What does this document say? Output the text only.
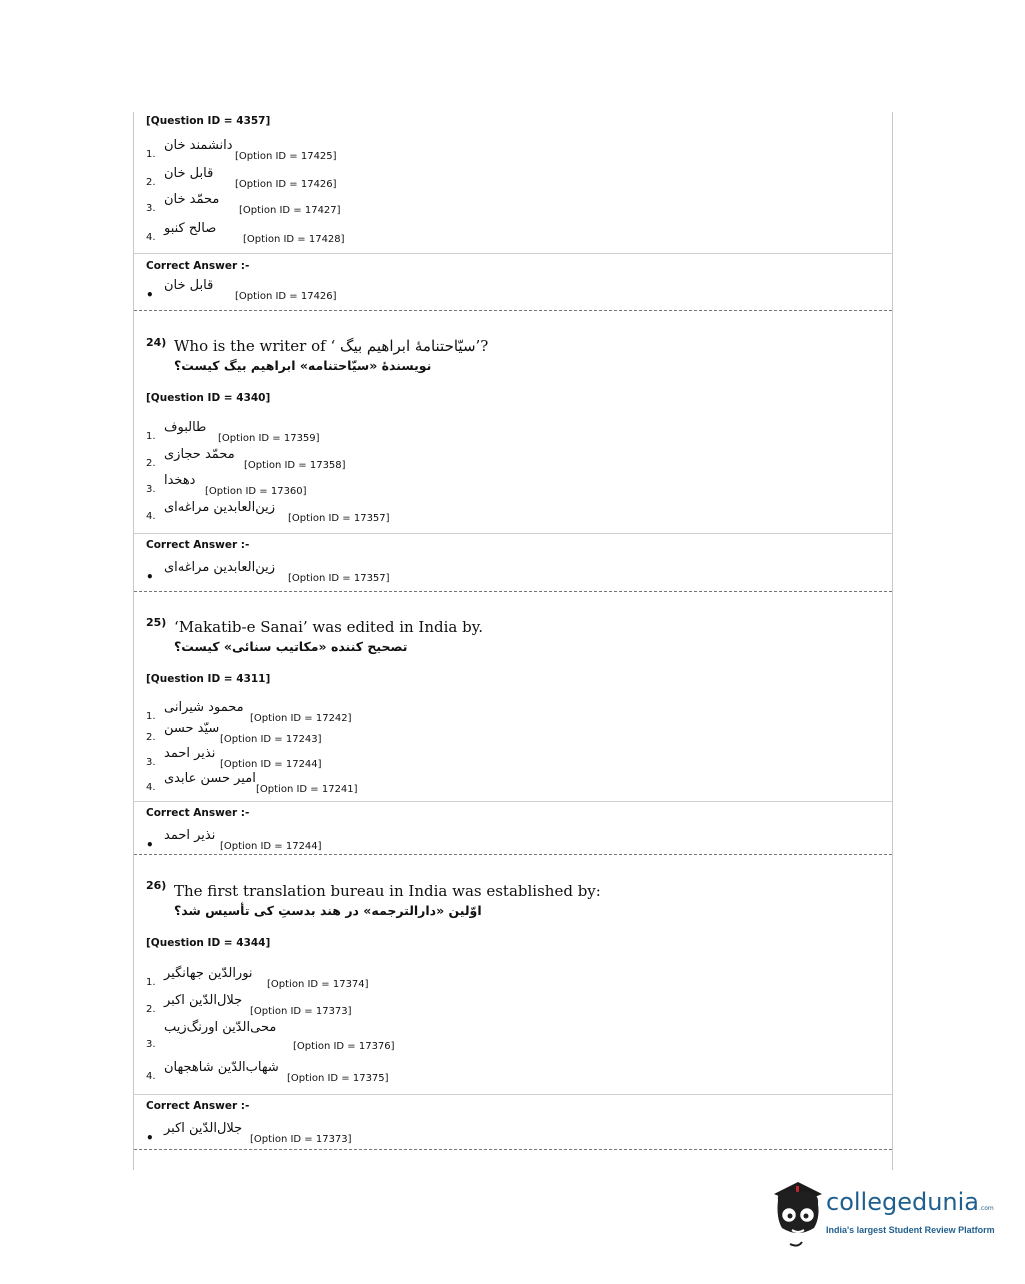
[Question ID = 4357]
1.
دانشمند خان
[Option ID = 17425]
2.
قابل خان
[Option ID = 17426]
3.
محمّد خان
[Option ID = 17427]
4.
صالح کنبو
[Option ID = 17428]
Correct Answer :-
•
قابل خان
[Option ID = 17426]
24) Who is the writer of ‘ سیّاحتنامهٔ ابراهیم بیگ’?
نویسندهٔ «سیّاحتنامه» ابراهیم بیگ کیست؟
[Question ID = 4340]
1.
طالبوف
[Option ID = 17359]
2.
محمّد حجازی
[Option ID = 17358]
3.
دهخدا
[Option ID = 17360]
4.
زین‌العابدین مراغه‌ای
[Option ID = 17357]
Correct Answer :-
•
زین‌العابدین مراغه‌ای
[Option ID = 17357]
25) ‘Makatib-e Sanai’ was edited in India by.
تصحیح کننده «مکاتیب سنائی» کیست؟
[Question ID = 4311]
1.
محمود شیرانی
[Option ID = 17242]
2.
سیّد حسن
[Option ID = 17243]
3.
نذیر احمد
[Option ID = 17244]
4.
امیر حسن عابدی
[Option ID = 17241]
Correct Answer :-
•
نذیر احمد
[Option ID = 17244]
26) The first translation bureau in India was established by:
اوّلین «دارالترجمه» در هند بدستِ کی تأسیس شد؟
[Question ID = 4344]
1.
نورالدّین جهانگیر
[Option ID = 17374]
2.
جلال‌الدّین اکبر
[Option ID = 17373]
3.
محی‌الدّین اورنگ‌زیب
[Option ID = 17376]
4.
شهاب‌الدّین شاهجهان
[Option ID = 17375]
Correct Answer :-
•
جلال‌الدّین اکبر
[Option ID = 17373]
collegedunia.com
India's largest Student Review Platform
